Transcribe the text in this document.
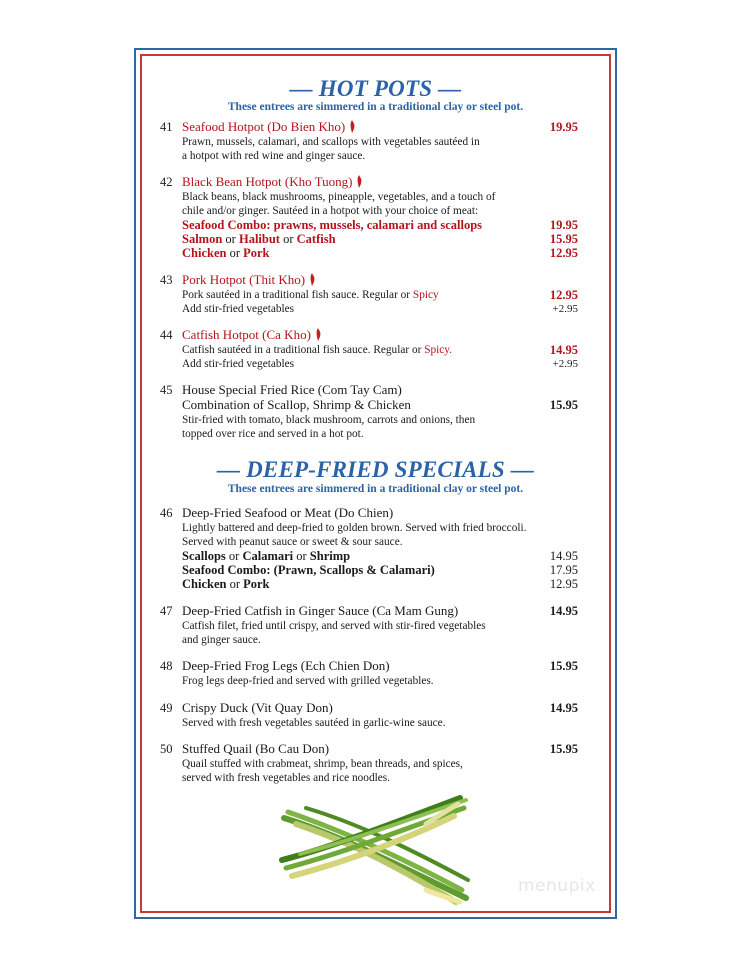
— HOT POTS —

These entrees are simmered in a traditional clay or steel pot.

41 Seafood Hotpot (Do Bien Kho)	19.95
Prawn, mussels, calamari, and scallops with vegetables sautéed in
a hotpot with red wine and ginger sauce.
42 Black Bean Hotpot (Kho Tuong)
Black beans, black mushrooms, pineapple, vegetables, and a touch of
chile and/or ginger. Sautéed in a hotpot with your choice of meat:
Seafood Combo: prawns, mussels, calamari and scallops	19.95
Salmon or Halibut or Catfish	15.95
Chicken or Pork	12.95
43 Pork Hotpot (Thit Kho)
Pork sautéed in a traditional fish sauce. Regular or Spicy	12.95
Add stir-fried vegetables	+2.95
44 Catfish Hotpot (Ca Kho)
Catfish sautéed in a traditional fish sauce. Regular or Spicy.	14.95
Add stir-fried vegetables	+2.95
45 House Special Fried Rice (Com Tay Cam)
Combination of Scallop, Shrimp & Chicken	15.95
Stir-fried with tomato, black mushroom, carrots and onions, then
topped over rice and served in a hot pot.
— DEEP-FRIED SPECIALS —

These entrees are simmered in a traditional clay or steel pot.

46 Deep-Fried Seafood or Meat (Do Chien)
Lightly battered and deep-fried to golden brown. Served with fried broccoli.
Served with peanut sauce or sweet & sour sauce.
Scallops or Calamari or Shrimp	14.95
Seafood Combo: (Prawn, Scallops & Calamari)	17.95
Chicken or Pork	12.95
47 Deep-Fried Catfish in Ginger Sauce (Ca Mam Gung)	14.95
Catfish filet, fried until crispy, and served with stir-fired vegetables
and ginger sauce.
48 Deep-Fried Frog Legs (Ech Chien Don)	15.95
Frog legs deep-fried and served with grilled vegetables.
49 Crispy Duck (Vit Quay Don)	14.95
Served with fresh vegetables sautéed in garlic-wine sauce.
50 Stuffed Quail (Bo Cau Don)	15.95
Quail stuffed with crabmeat, shrimp, bean threads, and spices,
served with fresh vegetables and rice noodles.
menupix
